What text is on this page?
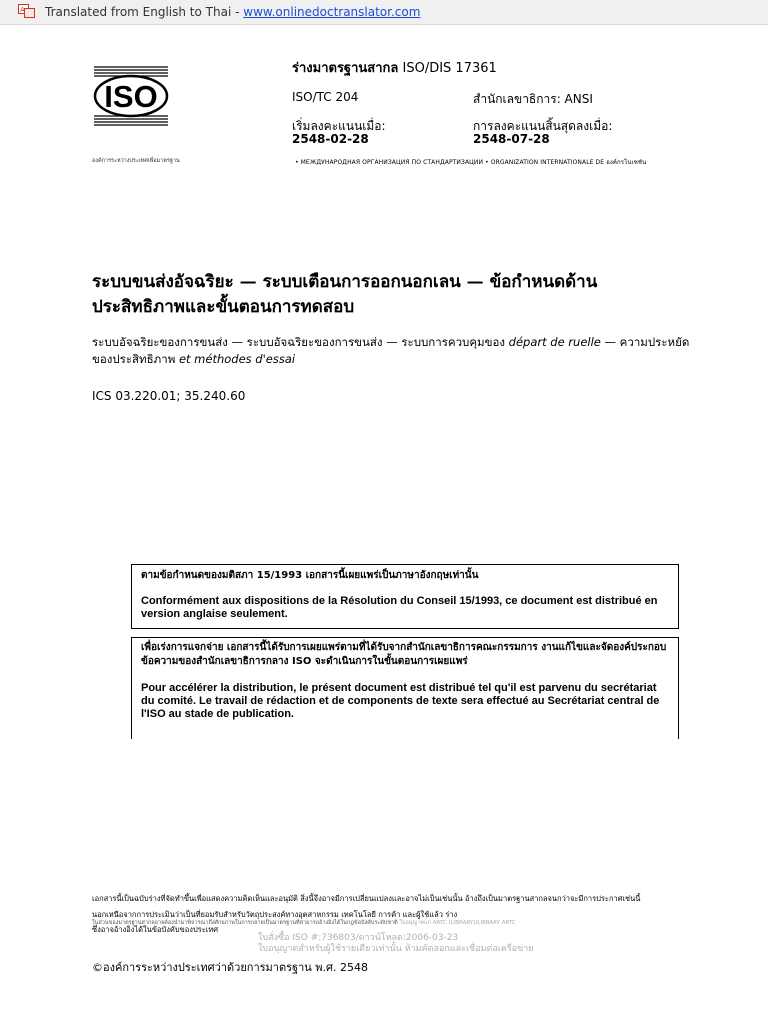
A Translated from English to Thai - www.onlinedoctranslator.com
ISO
องค์การระหว่างประเทศเพื่อมาตรฐาน
ร่างมาตรฐานสากล ISO/DIS 17361
ISO/TC 204	สำนักเลขาธิการ: ANSI
เริ่มลงคะแนนเมื่อ:
2548-02-28
การลงคะแนนสิ้นสุดลงเมื่อ:
2548-07-28
• МЕЖДУНАРОДНАЯ ОРГАНИЗАЦИЯ ПО СТАНДАРТИЗАЦИИ • ORGANIZATION INTERNATIONALE DE องค์กรโนเซชัน
ระบบขนส่งอัจฉริยะ — ระบบเตือนการออกนอกเลน — ข้อกำหนดด้าน
ประสิทธิภาพและขั้นตอนการทดสอบ

ระบบอัจฉริยะของการขนส่ง — ระบบอัจฉริยะของการขนส่ง — ระบบการควบคุมของ départ de ruelle — ความประหยัดของประสิทธิภาพ et méthodes d'essai

ICS 03.220.01; 35.240.60

ตามข้อกำหนดของมติสภา 15/1993 เอกสารนี้เผยแพร่เป็นภาษาอังกฤษเท่านั้น

Conformément aux dispositions de la Résolution du Conseil 15/1993, ce document est distribué en version anglaise seulement.

เพื่อเร่งการแจกจ่าย เอกสารนี้ได้รับการเผยแพร่ตามที่ได้รับจากสำนักเลขาธิการคณะกรรมการ งานแก้ไขและจัดองค์ประกอบข้อความของสำนักเลขาธิการกลาง ISO จะดำเนินการในขั้นตอนการเผยแพร่

Pour accélérer la distribution, le présent document est distribué tel qu'il est parvenu du secrétariat du comité. Le travail de rédaction et de components de texte sera effectué au Secrétariat central de l'ISO au stade de publication.

เอกสารนี้เป็นฉบับร่างที่จัดทำขึ้นเพื่อแสดงความคิดเห็นและอนุมัติ สิ่งนี้จึงอาจมีการเปลี่ยนแปลงและอาจไม่เป็นเช่นนั้น อ้างถึงเป็นมาตรฐานสากลจนกว่าจะมีการประกาศเช่นนี้
นอกเหนือจากการประเมินว่าเป็นที่ยอมรับสำหรับวัตถุประสงค์ทางอุตสาหกรรม เทคโนโลยี การค้า และผู้ใช้แล้ว ร่าง
ในส่วนของมาตรฐานสากลอาจต้องนำมาพิจารณาถึงศักยภาพในการกลายเป็นมาตรฐานที่สามารถอ้างอิงได้ในกฎข้อบังคับระดับชาติ ใบอนุญาตแก่ ARTC (LIBRARY)/LIBRARY ARTC
ซึ่งอาจอ้างอิงได้ในข้อบังคับของประเทศ
ใบสั่งซื้อ ISO #:736803/ดาวน์โหลด:2006-03-23
ใบอนุญาตสำหรับผู้ใช้รายเดียวเท่านั้น ห้ามคัดลอกและเชื่อมต่อเครือข่าย
©องค์การระหว่างประเทศว่าด้วยการมาตรฐาน พ.ศ. 2548
